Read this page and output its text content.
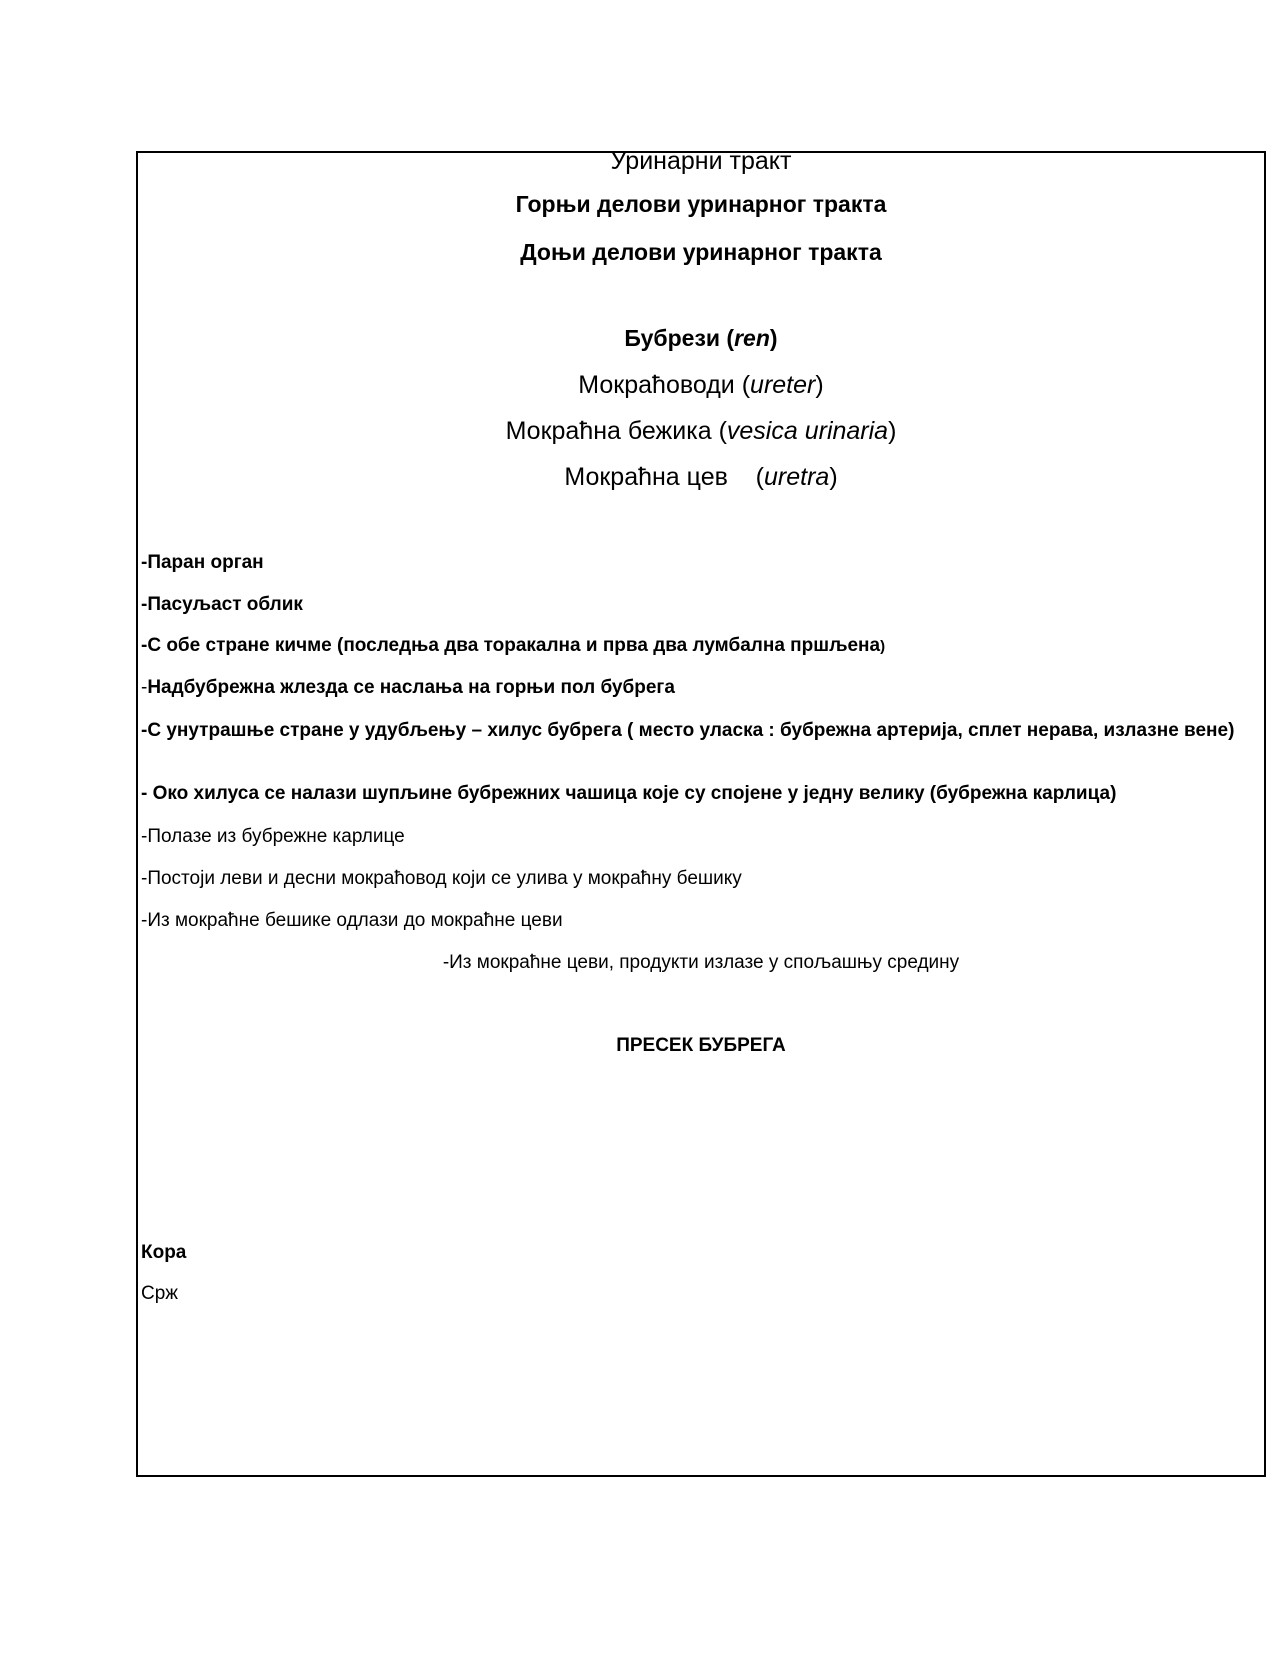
Уринарни тракт
Горњи делови уринарног тракта
Доњи делови уринарног тракта
Бубрези (ren)
Мокраћоводи (ureter)
Мокраћна бежика (vesica urinaria)
Мокраћна цев    (uretra)
-Паран орган
-Пасуљаст облик
-С обе стране кичме (последња два торакална и прва два лумбална пршљена)
-Надбубрежна жлезда се наслања на горњи пол бубрега
-С унутрашње стране у удубљењу – хилус бубрега ( место уласка : бубрежна артерија, сплет нерава, излазне вене)
- Око хилуса се налази шупљине бубрежних чашица које су спојене у једну велику (бубрежна карлица)
-Полазе из бубрежне карлице
-Постоји леви и десни мокраћовод који се улива у мокраћну бешику
-Из мокраћне бешике одлази до мокраћне цеви
-Из мокраћне цеви, продукти излазе у спољашњу средину
ПРЕСЕК БУБРЕГА
Кора
Срж
